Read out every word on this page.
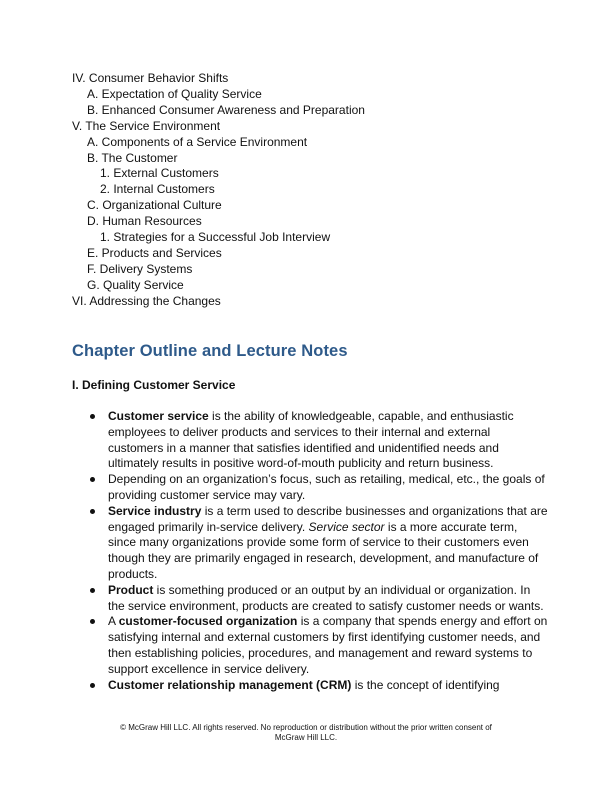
IV. Consumer Behavior Shifts
A. Expectation of Quality Service
B. Enhanced Consumer Awareness and Preparation
V. The Service Environment
A. Components of a Service Environment
B. The Customer
1. External Customers
2. Internal Customers
C. Organizational Culture
D. Human Resources
1. Strategies for a Successful Job Interview
E. Products and Services
F. Delivery Systems
G. Quality Service
VI. Addressing the Changes
Chapter Outline and Lecture Notes
I. Defining Customer Service
Customer service is the ability of knowledgeable, capable, and enthusiastic employees to deliver products and services to their internal and external customers in a manner that satisfies identified and unidentified needs and ultimately results in positive word-of-mouth publicity and return business.
Depending on an organization’s focus, such as retailing, medical, etc., the goals of providing customer service may vary.
Service industry is a term used to describe businesses and organizations that are engaged primarily in-service delivery. Service sector is a more accurate term, since many organizations provide some form of service to their customers even though they are primarily engaged in research, development, and manufacture of products.
Product is something produced or an output by an individual or organization. In the service environment, products are created to satisfy customer needs or wants.
A customer-focused organization is a company that spends energy and effort on satisfying internal and external customers by first identifying customer needs, and then establishing policies, procedures, and management and reward systems to support excellence in service delivery.
Customer relationship management (CRM) is the concept of identifying
© McGraw Hill LLC. All rights reserved. No reproduction or distribution without the prior written consent of
McGraw Hill LLC.
